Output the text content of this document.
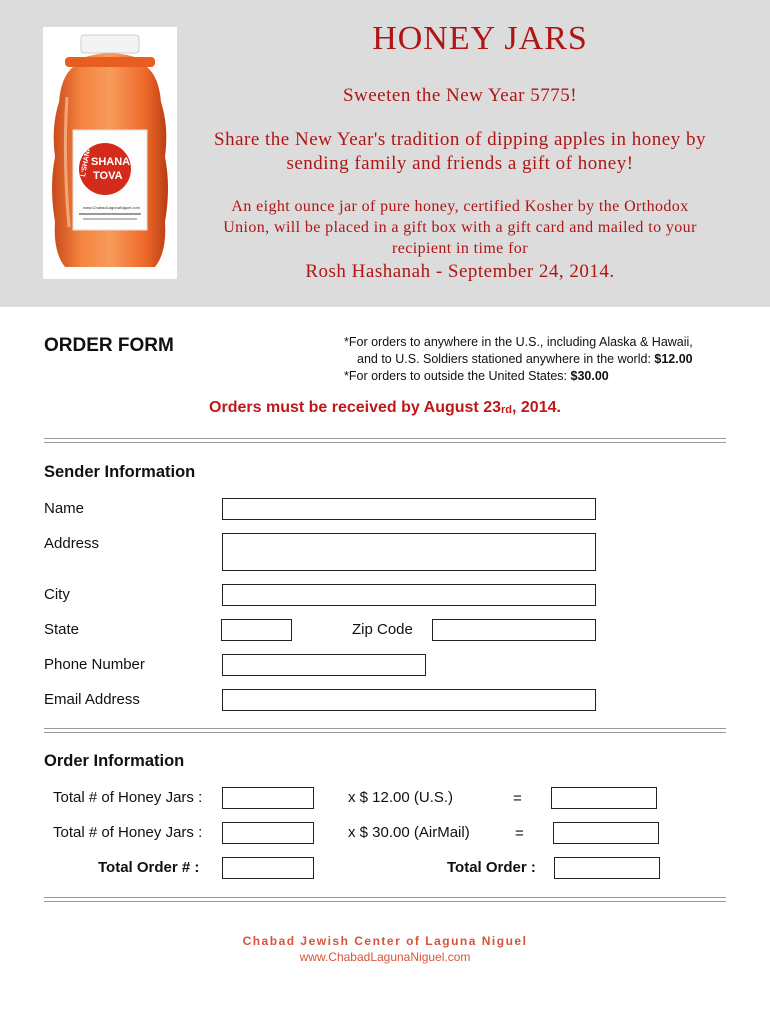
L'SHANA
SHANA
TOVA
www.ChabadLagunaNiguel.com
HONEY JARS
Sweeten the New Year 5775!
Share the New Year's tradition of dipping apples in honey by
sending family and friends a gift of honey!
An eight ounce jar of pure honey, certified Kosher by the Orthodox
Union, will be placed in a gift box with a gift card and mailed to your
recipient in time for
Rosh Hashanah - September 24, 2014.
ORDER FORM	*For orders to anywhere in the U.S., including Alaska & Hawaii,
and to U.S. Soldiers stationed anywhere in the world: $12.00
*For orders to outside the United States: $30.00
Orders must be received by August 23rd, 2014.
Sender Information
Name
Address
City
State	Zip Code
Phone Number
Email Address
Order Information
Total # of Honey Jars :	x $ 12.00 (U.S.)	=
Total # of Honey Jars :	x $ 30.00 (AirMail)	=
Total Order # :	Total Order :
Chabad Jewish Center of Laguna Niguel
www.ChabadLagunaNiguel.com
